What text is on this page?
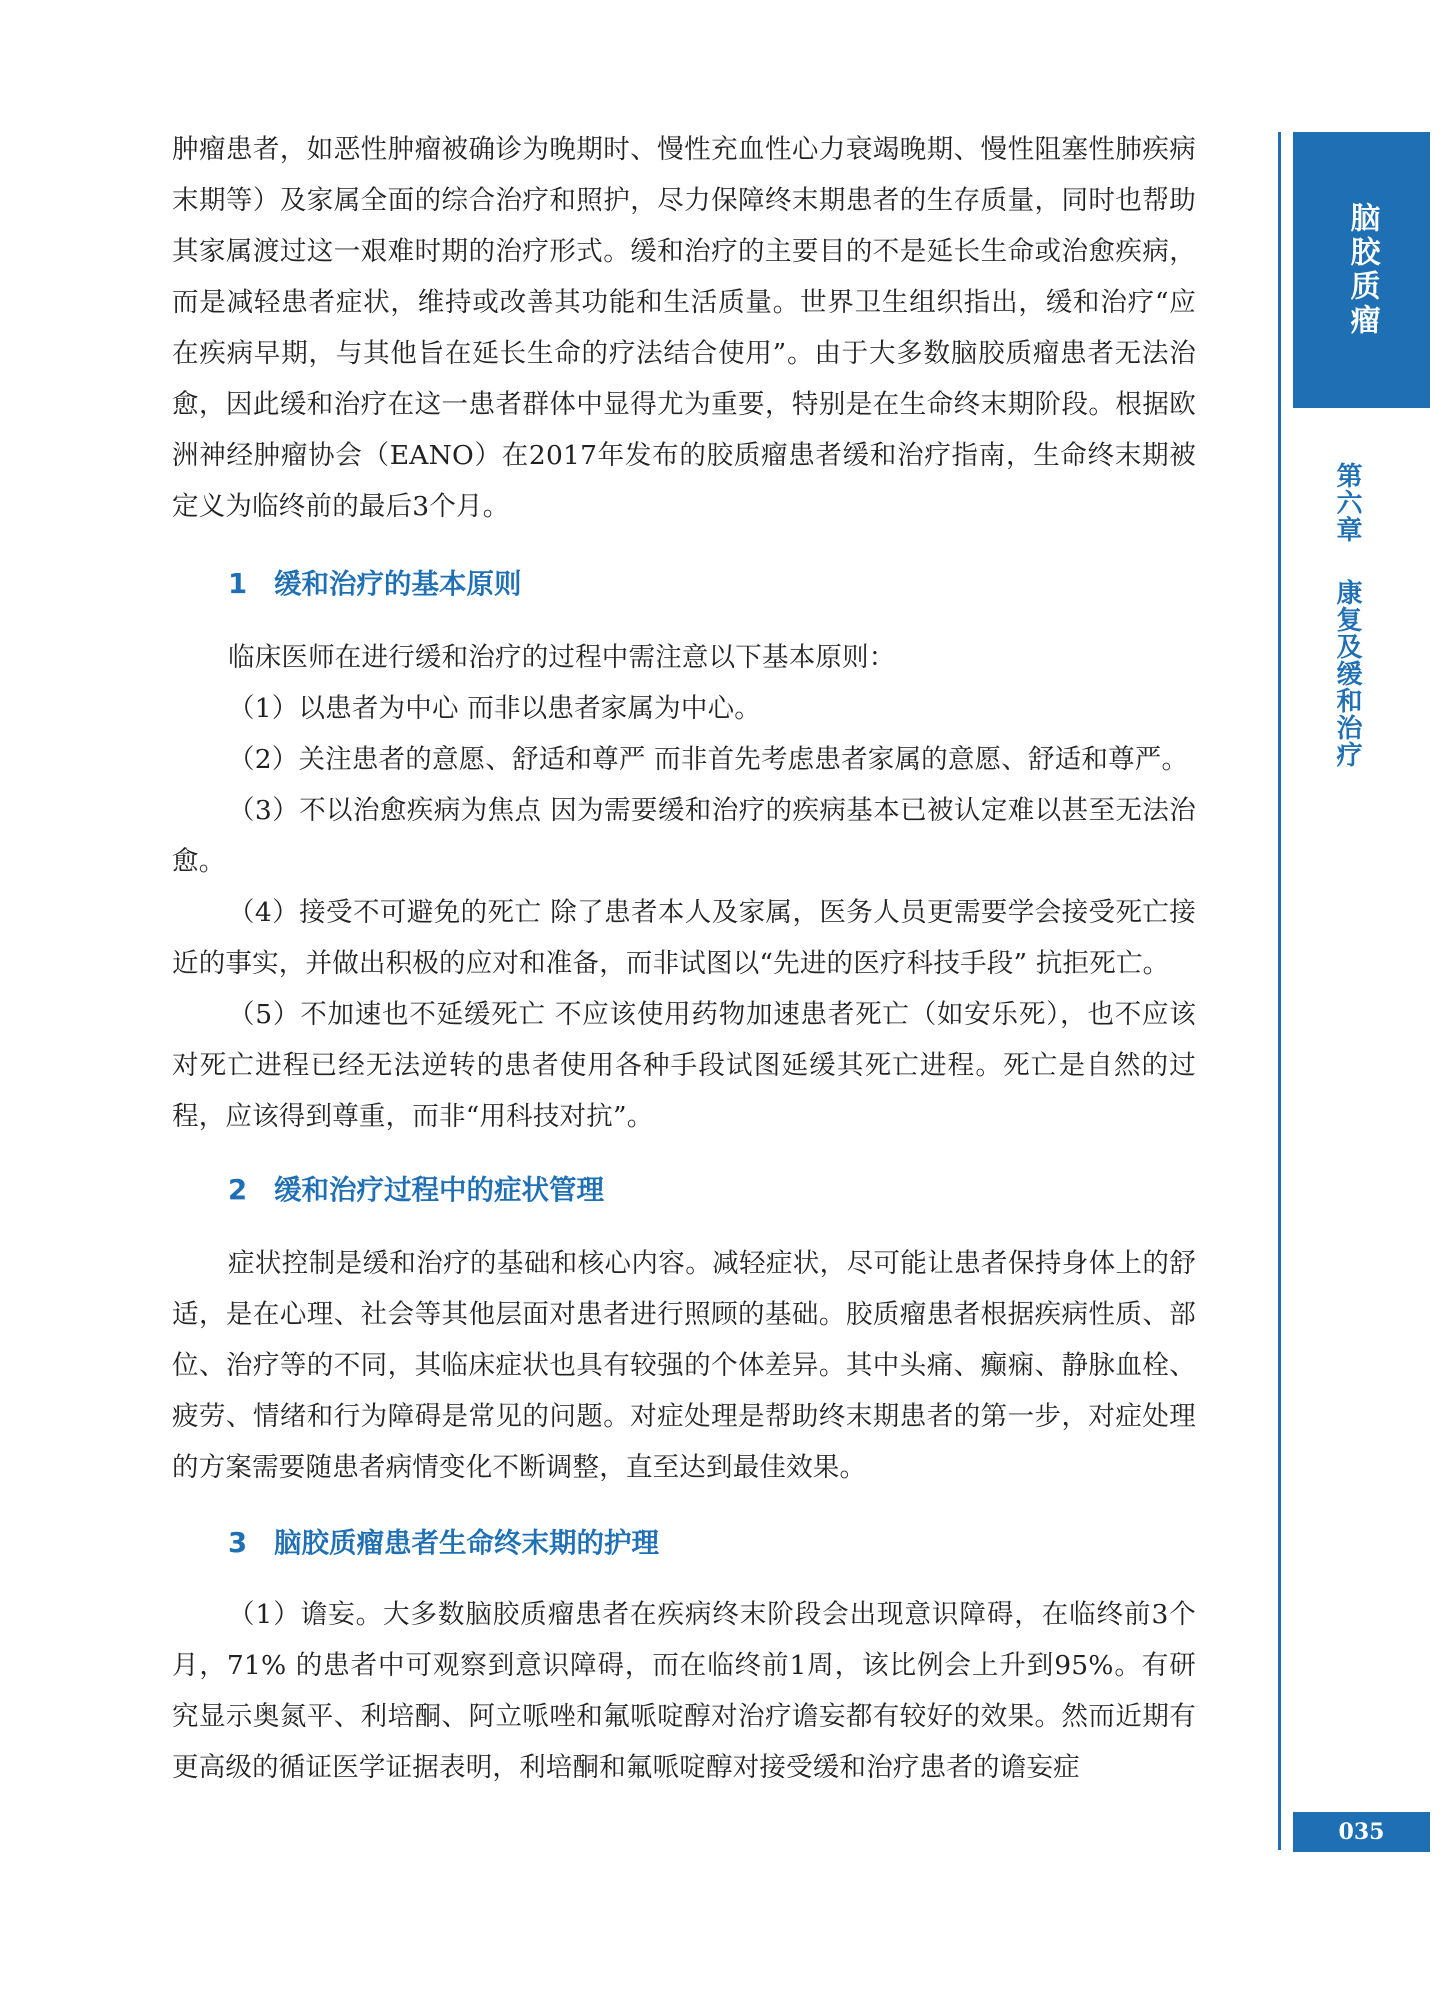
肿瘤患者，如恶性肿瘤被确诊为晚期时、慢性充血性心力衰竭晚期、慢性阻塞性肺疾病末期等）及家属全面的综合治疗和照护，尽力保障终末期患者的生存质量，同时也帮助其家属渡过这一艰难时期的治疗形式。缓和治疗的主要目的不是延长生命或治愈疾病，而是减轻患者症状，维持或改善其功能和生活质量。世界卫生组织指出，缓和治疗“应在疾病早期，与其他旨在延长生命的疗法结合使用”。由于大多数脑胶质瘤患者无法治愈，因此缓和治疗在这一患者群体中显得尤为重要，特别是在生命终末期阶段。根据欧洲神经肿瘤协会（EANO）在2017年发布的胶质瘤患者缓和治疗指南，生命终末期被定义为临终前的最后3个月。

1 缓和治疗的基本原则

临床医师在进行缓和治疗的过程中需注意以下基本原则：

（1）以患者为中心 而非以患者家属为中心。

（2）关注患者的意愿、舒适和尊严 而非首先考虑患者家属的意愿、舒适和尊严。

（3）不以治愈疾病为焦点 因为需要缓和治疗的疾病基本已被认定难以甚至无法治愈。

（4）接受不可避免的死亡 除了患者本人及家属，医务人员更需要学会接受死亡接近的事实，并做出积极的应对和准备，而非试图以“先进的医疗科技手段” 抗拒死亡。

（5）不加速也不延缓死亡 不应该使用药物加速患者死亡（如安乐死），也不应该对死亡进程已经无法逆转的患者使用各种手段试图延缓其死亡进程。死亡是自然的过程，应该得到尊重，而非“用科技对抗”。

2 缓和治疗过程中的症状管理

症状控制是缓和治疗的基础和核心内容。减轻症状，尽可能让患者保持身体上的舒适，是在心理、社会等其他层面对患者进行照顾的基础。胶质瘤患者根据疾病性质、部位、治疗等的不同，其临床症状也具有较强的个体差异。其中头痛、癫痫、静脉血栓、疲劳、情绪和行为障碍是常见的问题。对症处理是帮助终末期患者的第一步，对症处理的方案需要随患者病情变化不断调整，直至达到最佳效果。

3 脑胶质瘤患者生命终末期的护理

（1）谵妄。大多数脑胶质瘤患者在疾病终末阶段会出现意识障碍，在临终前3个月，71% 的患者中可观察到意识障碍，而在临终前1周，该比例会上升到95%。有研究显示奥氮平、利培酮、阿立哌唑和氟哌啶醇对治疗谵妄都有较好的效果。然而近期有更高级的循证医学证据表明，利培酮和氟哌啶醇对接受缓和治疗患者的谵妄症

脑胶质瘤
第六章康复及缓和治疗
035
